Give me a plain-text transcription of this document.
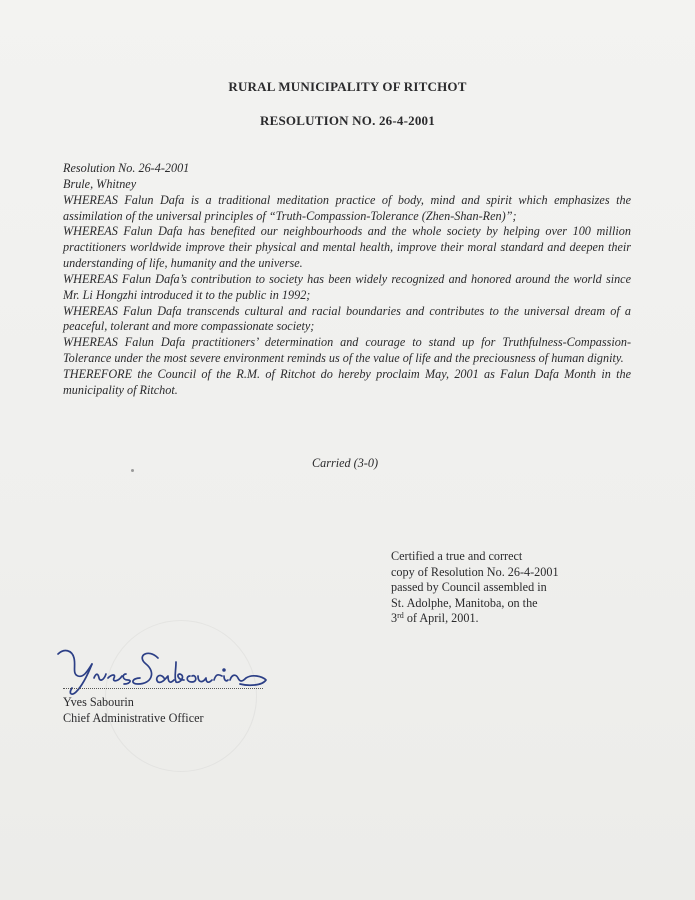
RURAL MUNICIPALITY OF RITCHOT
RESOLUTION NO. 26-4-2001

Resolution No. 26-4-2001

Brule, Whitney

WHEREAS Falun Dafa is a traditional meditation practice of body, mind and spirit which emphasizes the assimilation of the universal principles of “Truth-Compassion-Tolerance (Zhen-Shan-Ren)”;

WHEREAS Falun Dafa has benefited our neighbourhoods and the whole society by helping over 100 million practitioners worldwide improve their physical and mental health, improve their moral standard and deepen their understanding of life, humanity and the universe.

WHEREAS Falun Dafa’s contribution to society has been widely recognized and honored around the world since Mr. Li Hongzhi introduced it to the public in 1992;

WHEREAS Falun Dafa transcends cultural and racial boundaries and contributes to the universal dream of a peaceful, tolerant and more compassionate society;

WHEREAS Falun Dafa practitioners’ determination and courage to stand up for Truthfulness-Compassion-Tolerance under the most severe environment reminds us of the value of life and the preciousness of human dignity.

THEREFORE the Council of the R.M. of Ritchot do hereby proclaim May, 2001 as Falun Dafa Month in the municipality of Ritchot.

Carried (3-0)
Certified a true and correct
copy of Resolution No. 26-4-2001
passed by Council assembled in
St. Adolphe, Manitoba, on the
3rd of April, 2001.
Yves Sabourin
Chief Administrative Officer
